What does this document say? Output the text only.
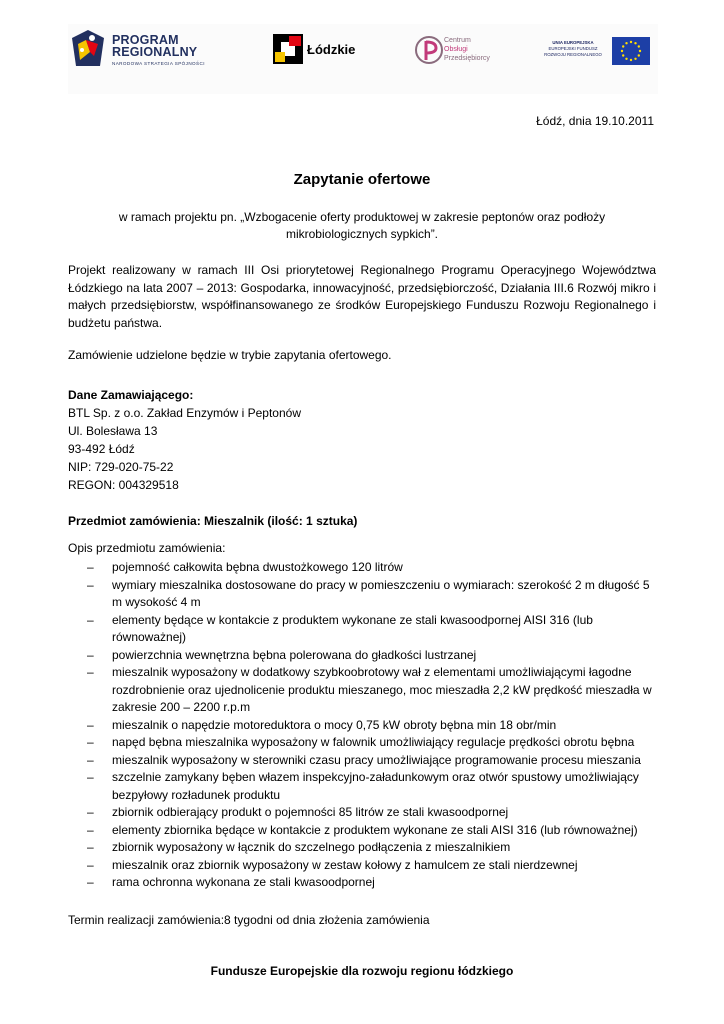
PROGRAM
REGIONALNY
NARODOWA STRATEGIA SPÓJNOŚCI
Łódzkie
Centrum
Obsługi
Przedsiębiorcy
UNIA EUROPEJSKA
EUROPEJSKI FUNDUSZ
ROZWOJU REGIONALNEGO
Łódź, dnia 19.10.2011
Zapytanie ofertowe
w ramach projektu pn. „Wzbogacenie oferty produktowej w zakresie peptonów oraz podłoży mikrobiologicznych sypkich”.
Projekt realizowany w ramach III Osi priorytetowej Regionalnego Programu Operacyjnego Województwa Łódzkiego na lata 2007 – 2013: Gospodarka, innowacyjność, przedsiębiorczość, Działania III.6 Rozwój mikro i małych przedsiębiorstw, współfinansowanego ze środków Europejskiego Funduszu Rozwoju Regionalnego i budżetu państwa.
Zamówienie udzielone będzie w trybie zapytania ofertowego.
Dane Zamawiającego:
BTL Sp. z o.o. Zakład Enzymów i Peptonów
Ul. Bolesława 13
93-492 Łódź
NIP: 729-020-75-22
REGON: 004329518
Przedmiot zamówienia: Mieszalnik (ilość: 1 sztuka)
Opis przedmiotu zamówienia:
– pojemność całkowita bębna dwustożkowego 120 litrów
– wymiary mieszalnika dostosowane do pracy w pomieszczeniu o wymiarach: szerokość 2 m długość 5 m wysokość 4 m
– elementy będące w kontakcie z produktem wykonane ze stali kwasoodpornej AISI 316 (lub równoważnej)
– powierzchnia wewnętrzna bębna polerowana do gładkości lustrzanej
– mieszalnik wyposażony w dodatkowy szybkoobrotowy wał z elementami umożliwiającymi łagodne rozdrobnienie oraz ujednolicenie produktu mieszanego, moc mieszadła 2,2 kW prędkość mieszadła w zakresie 200 – 2200 r.p.m
– mieszalnik o napędzie motoreduktora o mocy 0,75 kW obroty bębna min 18 obr/min
– napęd bębna mieszalnika wyposażony w falownik umożliwiający regulacje prędkości obrotu bębna
– mieszalnik wyposażony w sterowniki czasu pracy umożliwiające programowanie procesu mieszania
– szczelnie zamykany bęben włazem inspekcyjno-załadunkowym oraz otwór spustowy umożliwiający bezpyłowy rozładunek produktu
– zbiornik odbierający produkt o pojemności 85 litrów ze stali kwasoodpornej
– elementy zbiornika będące w kontakcie z produktem wykonane ze stali AISI 316 (lub równoważnej)
– zbiornik wyposażony w łącznik do szczelnego podłączenia z mieszalnikiem
– mieszalnik oraz zbiornik wyposażony w zestaw kołowy z hamulcem ze stali nierdzewnej
– rama ochronna wykonana ze stali kwasoodpornej
Termin realizacji zamówienia:8 tygodni od dnia złożenia zamówienia
Fundusze Europejskie dla rozwoju regionu łódzkiego
